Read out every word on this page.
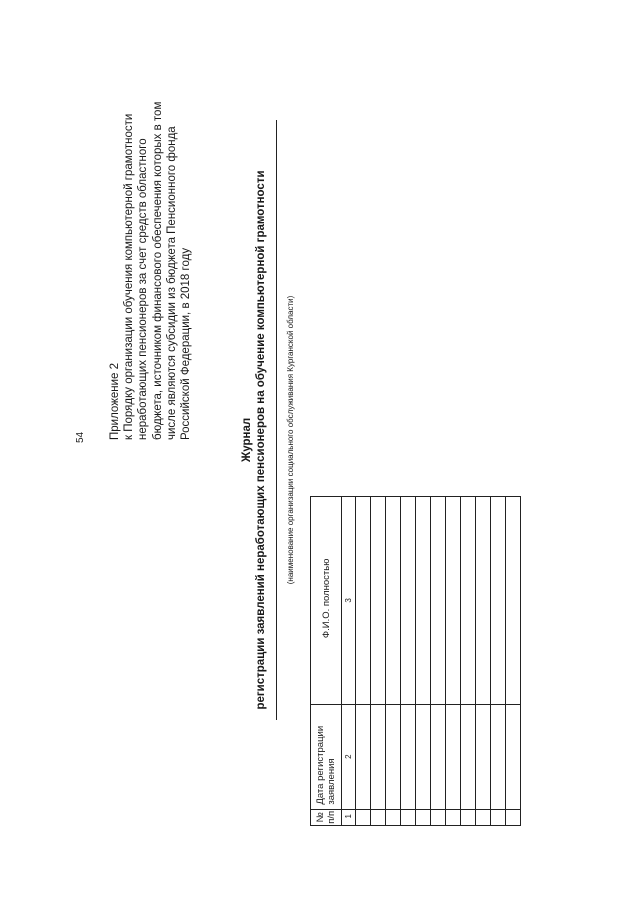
54 Приложение 2 к Порядку организации обучения компьютерной грамотности неработающих пенсионеров за счет средств областного бюджета, источником финансового обеспечения которых в том числе являются субсидии из бюджета Пенсионного фонда Российской Федерации, в 2018 году	Журнал регистрации заявлений неработающих пенсионеров на обучение компьютерной грамотности (наименование организации социального обслуживания Курганской области)
№ п/п	Дата регистрации заявления	Ф.И.О. полностью
1	2	3
